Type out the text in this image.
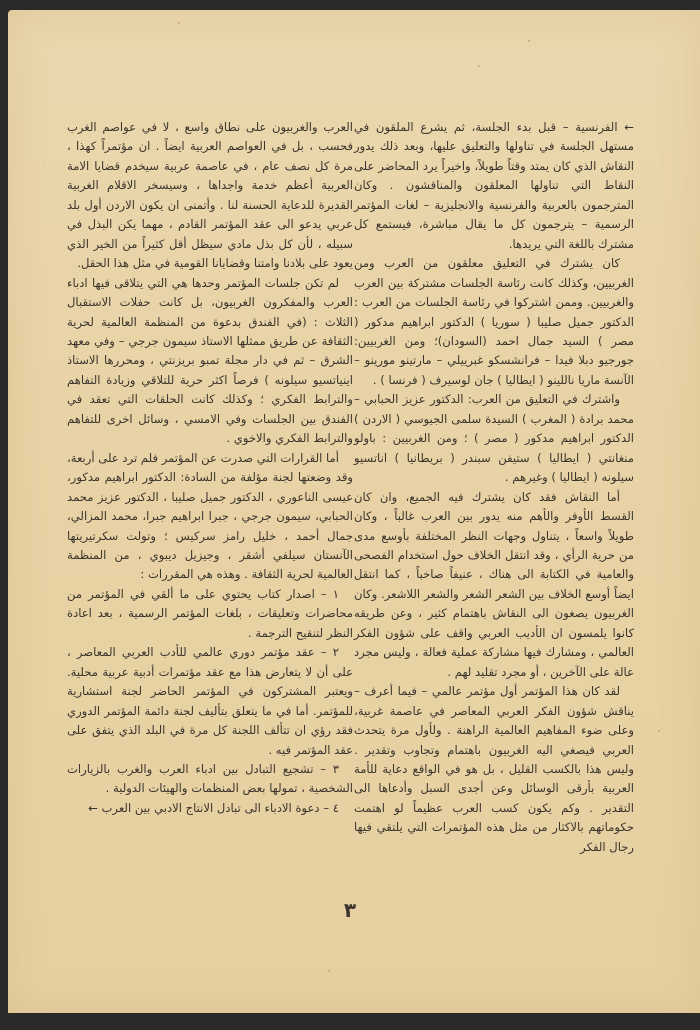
← الفرنسية – قبل بدء الجلسة، ثم يشرع الملقون في مستهل الجلسة في تناولها والتعليق عليها، وبعد ذلك يدور النقاش الذي كان يمتد وقتاً طويلاً، واخيراً يرد المحاضر على النقاط التي تناولها المعلقون والمناقشون . وكان المترجمون بالعربية والفرنسية والانجليزية – لغات المؤتمر الرسمية – يترجمون كل ما يقال مباشرة، فيستمع كل مشترك باللغة التي يريدها.

كان يشترك في التعليق معلقون من العرب ومن الغربيين، وكذلك كانت رئاسة الجلسات مشتركة بين العرب والغربيين. وممن اشتركوا في رئاسة الجلسات من العرب : الدكتور جميل صليبا ( سوريا ) الدكتور ابراهيم مدكور ( مصر ) السيد جمال احمد (السودان)؛ ومن الغربيين: جورجيو دبلا فيدا – فرانشسكو غبرييلي – مارتينو مورينو – الآنسة ماريا ناللينو ( ايطاليا ) جان لوسيرف ( فرنسا ) .

واشترك في التعليق من العرب: الدكتور عزيز الحبابي – محمد برادة ( المغرب ) السيدة سلمى الجيوسي ( الاردن ) الدكتور ابراهيم مدكور ( مصر ) ؛ ومن الغربيين : باولو منغانتي ( ايطاليا ) ستيفن سبندر ( بريطانيا ) اناتسيو سيلونه ( ايطاليا ) وغيرهم .

أما النقاش فقد كان يشترك فيه الجميع، وان كان القسط الأوفر والأهم منه يدور بين العرب غالباً ، وكان طويلاً واسعاً ، يتناول وجهات النظر المختلفة بأوسع مدى من حرية الرأي ، وقد انتقل الخلاف حول استخدام الفصحى والعامية في الكتابة الى هناك ، عنيفاً صاخباً ، كما انتقل ايضاً أوسع الخلاف بين الشعر الشعر والشعر اللاشعر. وكان الغربيون يصغون الى النقاش باهتمام كثير ، وعن طريقه كانوا يلمسون ان الأديب العربي واقف على شؤون الفكر العالمي ، ومشارك فيها مشاركة عملية فعالة ، وليس مجرد عالة على الآخرين ، أو مجرد تقليد لهم .

لقد كان هذا المؤتمر أول مؤتمر عالمي – فيما أعرف – يناقش شؤون الفكر العربي المعاصر في عاصمة غربية، وعلى ضوء المفاهيم العالمية الراهنة . ولأول مرة يتحدث العربي فيصغي اليه الغربيون باهتمام وتجاوب وتقدير . وليس هذا بالكسب القليل ، بل هو في الواقع دعاية للأمة العربية بأرقى الوسائل وعن أجدى السبل وأدعاها الى التقدير . وكم يكون كسب العرب عظيماً لو اهتمت حكوماتهم بالاكثار من مثل هذه المؤتمرات التي يلتقي فيها رجال الفكر

العرب والغربيون على نطاق واسع ، لا في عواصم الغرب فحسب ، بل في العواصم العربية ايضاً . ان مؤتمراً كهذا ، مرة كل نصف عام ، في عاصمة عربية سيخدم قضايا الامة العربية أعظم خدمة واجداها ، وسيسخر الاقلام الغربية القديرة للدعاية الحسنة لنا . وأتمنى ان يكون الاردن أول بلد عربي يدعو الى عقد المؤتمر القادم ، مهما يكن البذل في سبيله ، لأن كل بذل مادي سيظل أقل كثيراً من الخير الذي يعود على بلادنا وامتنا وقضايانا القومية في مثل هذا الحقل.

لم تكن جلسات المؤتمر وحدها هي التي يتلاقى فيها ادباء العرب والمفكرون الغربيون، بل كانت حفلات الاستقبال الثلاث : (في الفندق بدعوة من المنظمة العالمية لحرية الثقافة عن طريق ممثلها الاستاذ سيمون جرجي – وفي معهد الشرق – ثم في دار مجلة تمبو بريزنتي ، ومحررها الاستاذ اينياتسيو سيلونه ) فرصاً اكثر حرية للتلاقي وزيادة التفاهم والترابط الفكري ؛ وكذلك كانت الحلقات التي تعقد في الفندق بين الجلسات وفي الامسي ، وسائل اخرى للتفاهم والترابط الفكري والاخوي .

أما القرارات التي صدرت عن المؤتمر فلم ترد على أربعة، وقد وضعتها لجنة مؤلفة من السادة: الدكتور ابراهيم مدكور، عيسى الناعوري ، الدكتور جميل صليبا ، الدكتور عزيز محمد الحبابي، سيمون جرجي ، جبرا ابراهيم جبرا، محمد المزالي، جمال أحمد ، خليل رامز سركيس ؛ وتولت سكرتيريتها الآنستان سيلفي أشقر ، وجيزيل ديبوي ، من المنظمة العالمية لحرية الثقافة . وهذه هي المقررات :

١ – اصدار كتاب يحتوي على ما ألقي في المؤتمر من محاضرات وتعليقات ، بلغات المؤتمر الرسمية ، بعد اعادة النظر لتنقيح الترجمة .

٢ – عقد مؤتمر دوري عالمي للأدب العربي المعاصر ، على أن لا يتعارض هذا مع عقد مؤتمرات أدبية عربية محلية. ويعتبر المشتركون في المؤتمر الحاضر لجنة استشارية للمؤتمر. أما في ما يتعلق بتأليف لجنة دائمة المؤتمر الدوري فقد رؤي ان تتألف اللجنة كل مرة في البلد الذي يتفق على عقد المؤتمر فيه .

٣ – تشجيع التبادل بين ادباء العرب والغرب بالزيارات الشخصية ، تمولها بعض المنظمات والهيئات الدولية .

٤ – دعوة الادباء الى تبادل الانتاج الادبي بين العرب ←

٣
